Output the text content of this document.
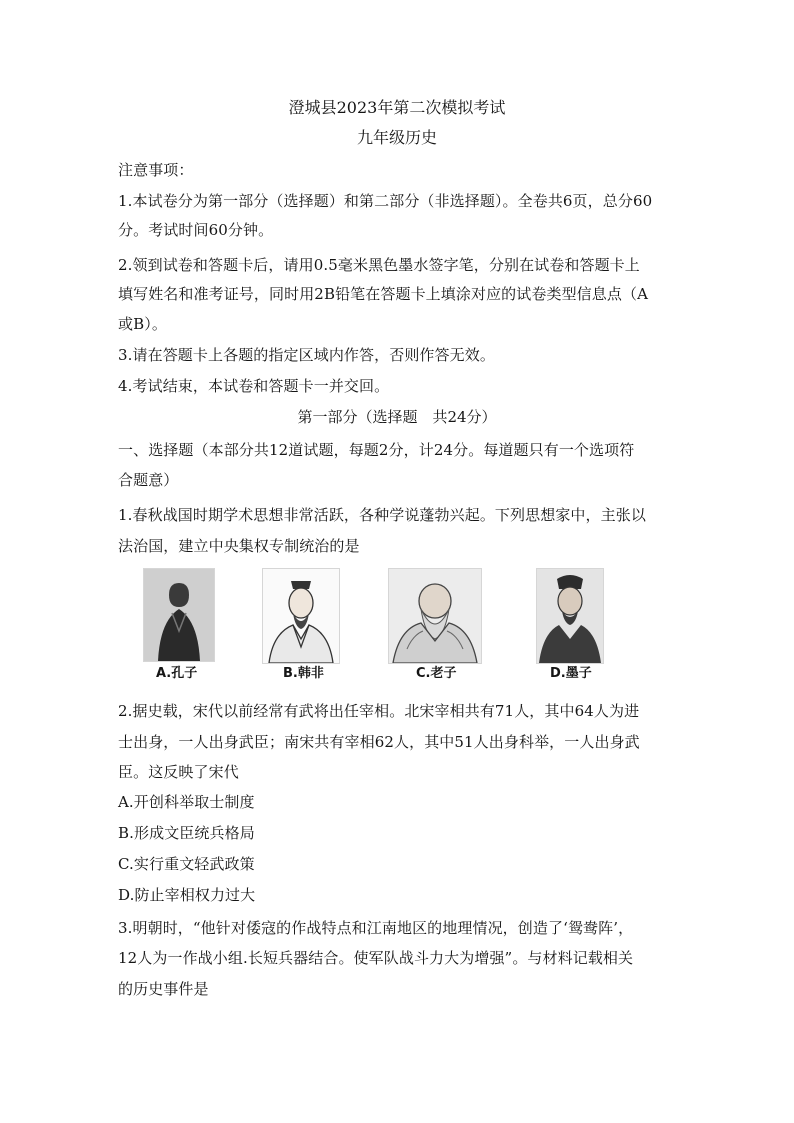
澄城县2023年第二次模拟考试
九年级历史
注意事项：
1.本试卷分为第一部分（选择题）和第二部分（非选择题）。全卷共6页，总分60
分。考试时间60分钟。
2.领到试卷和答题卡后，请用0.5毫米黑色墨水签字笔，分别在试卷和答题卡上
填写姓名和准考证号，同时用2B铅笔在答题卡上填涂对应的试卷类型信息点（A
或B）。
3.请在答题卡上各题的指定区域内作答，否则作答无效。
4.考试结束，本试卷和答题卡一并交回。
第一部分（选择题　共24分）
一、选择题（本部分共12道试题，每题2分，计24分。每道题只有一个选项符
合题意）
1.春秋战国时期学术思想非常活跃，各种学说蓬勃兴起。下列思想家中，主张以
法治国，建立中央集权专制统治的是
A.孔子	B.韩非	C.老子	D.墨子
2.据史载，宋代以前经常有武将出任宰相。北宋宰相共有71人，其中64人为进
士出身，一人出身武臣；南宋共有宰相62人，其中51人出身科举，一人出身武
臣。这反映了宋代
A.开创科举取士制度
B.形成文臣统兵格局
C.实行重文轻武政策
D.防止宰相权力过大
3.明朝时，“他针对倭寇的作战特点和江南地区的地理情况，创造了‘鸳鸯阵’，
12人为一作战小组.长短兵器结合。使军队战斗力大为增强”。与材料记载相关
的历史事件是
